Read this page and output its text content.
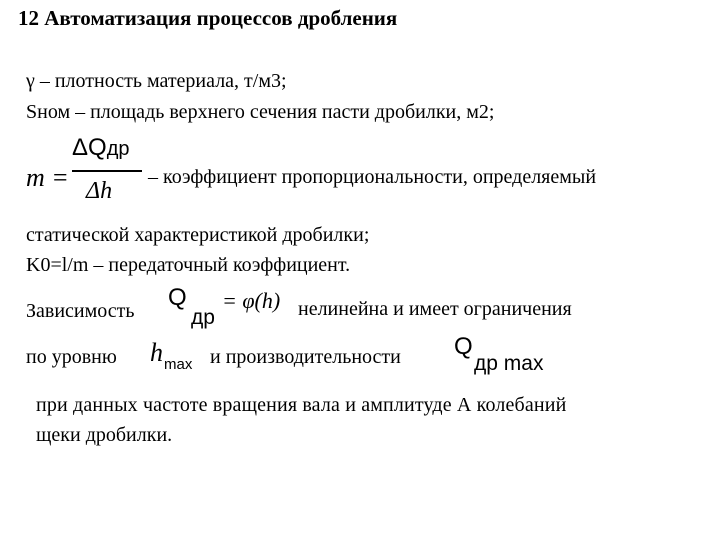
12 Автоматизация процессов дробления
γ – плотность материала, т/м3;
Sном – площадь верхнего сечения пасти дробилки, м2;
m =
ΔQдр
Δh
– коэффициент пропорциональности, определяемый
статической характеристикой дробилки;
K0=l/m – передаточный коэффициент.
Зависимость Q
др
= φ(h) нелинейна и имеет ограничения
по уровню h max и производительности Q
др max
при данных частоте вращения вала и амплитуде А колебаний
щеки дробилки.
